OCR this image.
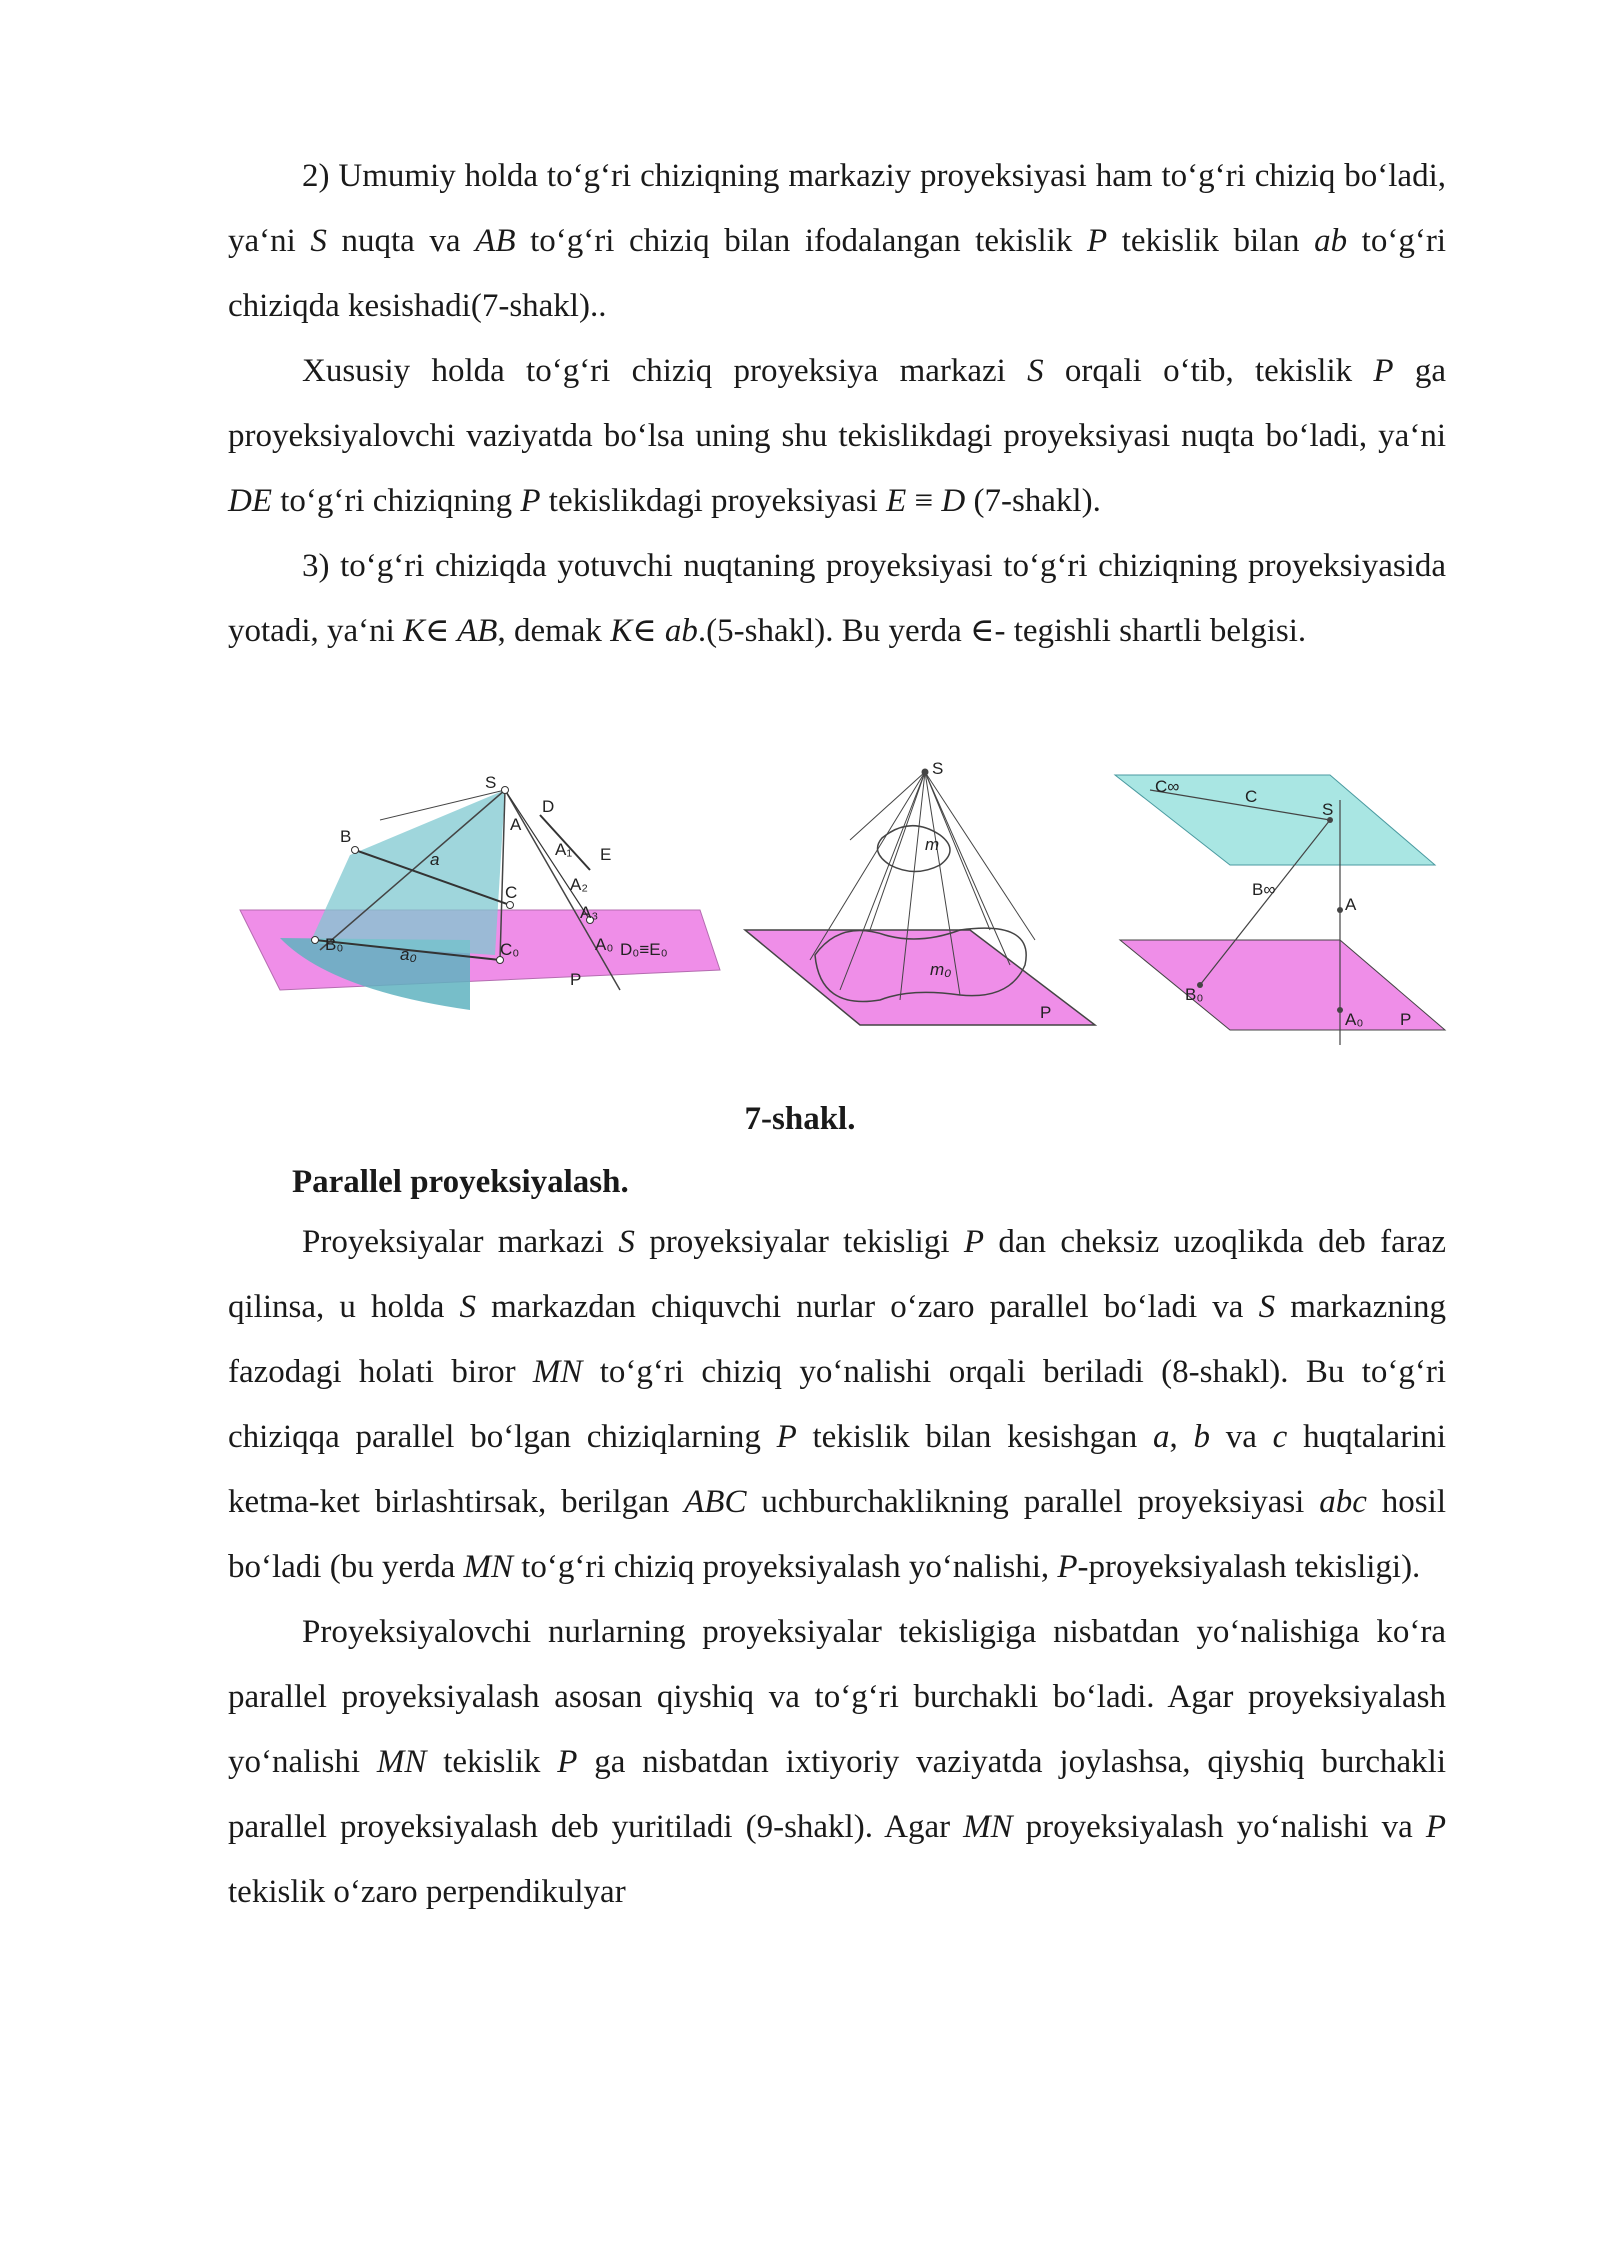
2) Umumiy holda to‘g‘ri chiziqning markaziy proyeksiyasi ham to‘g‘ri chiziq bo‘ladi, ya‘ni S nuqta va AB to‘g‘ri chiziq bilan ifodalangan tekislik P tekislik bilan ab to‘g‘ri chiziqda kesishadi(7-shakl)..

Xususiy holda to‘g‘ri chiziq proyeksiya markazi S orqali o‘tib, tekislik P ga proyeksiyalovchi vaziyatda bo‘lsa uning shu tekislikdagi proyeksiyasi nuqta bo‘ladi, ya‘ni DE to‘g‘ri chiziqning P tekislikdagi proyeksiyasi E ≡ D (7-shakl).

3) to‘g‘ri chiziqda yotuvchi nuqtaning proyeksiyasi to‘g‘ri chiziqning proyeksiyasida yotadi, ya‘ni K∈ AB, demak K∈ ab.(5-shakl). Bu yerda ∈- tegishli shartli belgisi.

S
D
A
A₁ E
B
a
C	A₂
A₃
A₀ D₀≡E₀
B₀
a₀	C₀
P
S
m
m₀
P
C∞
C
S
B∞
A
B₀
A₀ P

7-shakl.

Parallel proyeksiyalash.

Proyeksiyalar markazi S proyeksiyalar tekisligi P dan cheksiz uzoqlikda deb faraz qilinsa, u holda S markazdan chiquvchi nurlar o‘zaro parallel bo‘ladi va S markazning fazodagi holati biror MN to‘g‘ri chiziq yo‘nalishi orqali beriladi (8-shakl). Bu to‘g‘ri chiziqqa parallel bo‘lgan chiziqlarning P tekislik bilan kesishgan a, b va c huqtalarini ketma-ket birlashtirsak, berilgan ABC uchburchaklikning parallel proyeksiyasi abc hosil bo‘ladi (bu yerda MN to‘g‘ri chiziq proyeksiyalash yo‘nalishi, P-proyeksiyalash tekisligi).

Proyeksiyalovchi nurlarning proyeksiyalar tekisligiga nisbatdan yo‘nalishiga ko‘ra parallel proyeksiyalash asosan qiyshiq va to‘g‘ri burchakli bo‘ladi. Agar proyeksiyalash yo‘nalishi MN tekislik P ga nisbatdan ixtiyoriy vaziyatda joylashsa, qiyshiq burchakli parallel proyeksiyalash deb yuritiladi (9-shakl). Agar MN proyeksiyalash yo‘nalishi va P tekislik o‘zaro perpendikulyar
